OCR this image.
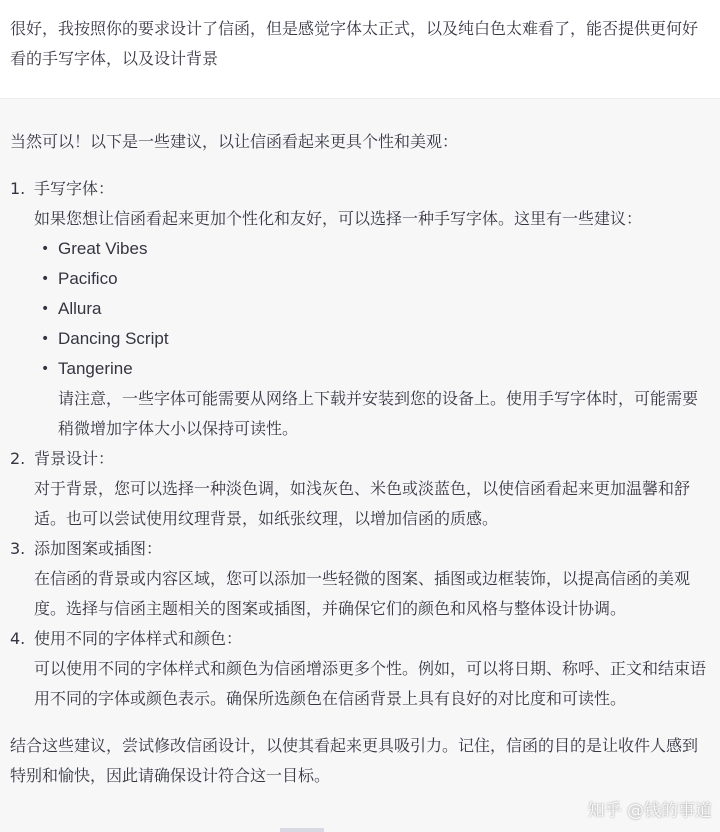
很好，我按照你的要求设计了信函，但是感觉字体太正式，以及纯白色太难看了，能否提供更何好看的手写字体，以及设计背景
当然可以！以下是一些建议，以让信函看起来更具个性和美观：
1. 手写字体：
如果您想让信函看起来更加个性化和友好，可以选择一种手写字体。这里有一些建议：
• Great Vibes
• Pacifico
• Allura
• Dancing Script
• Tangerine
请注意，一些字体可能需要从网络上下载并安装到您的设备上。使用手写字体时，可能需要稍微增加字体大小以保持可读性。
2. 背景设计：
对于背景，您可以选择一种淡色调，如浅灰色、米色或淡蓝色，以使信函看起来更加温馨和舒适。也可以尝试使用纹理背景，如纸张纹理，以增加信函的质感。
3. 添加图案或插图：
在信函的背景或内容区域，您可以添加一些轻微的图案、插图或边框装饰，以提高信函的美观度。选择与信函主题相关的图案或插图，并确保它们的颜色和风格与整体设计协调。
4. 使用不同的字体样式和颜色：
可以使用不同的字体样式和颜色为信函增添更多个性。例如，可以将日期、称呼、正文和结束语用不同的字体或颜色表示。确保所选颜色在信函背景上具有良好的对比度和可读性。
结合这些建议，尝试修改信函设计，以使其看起来更具吸引力。记住，信函的目的是让收件人感到特别和愉快，因此请确保设计符合这一目标。
知乎 @钱的事道
